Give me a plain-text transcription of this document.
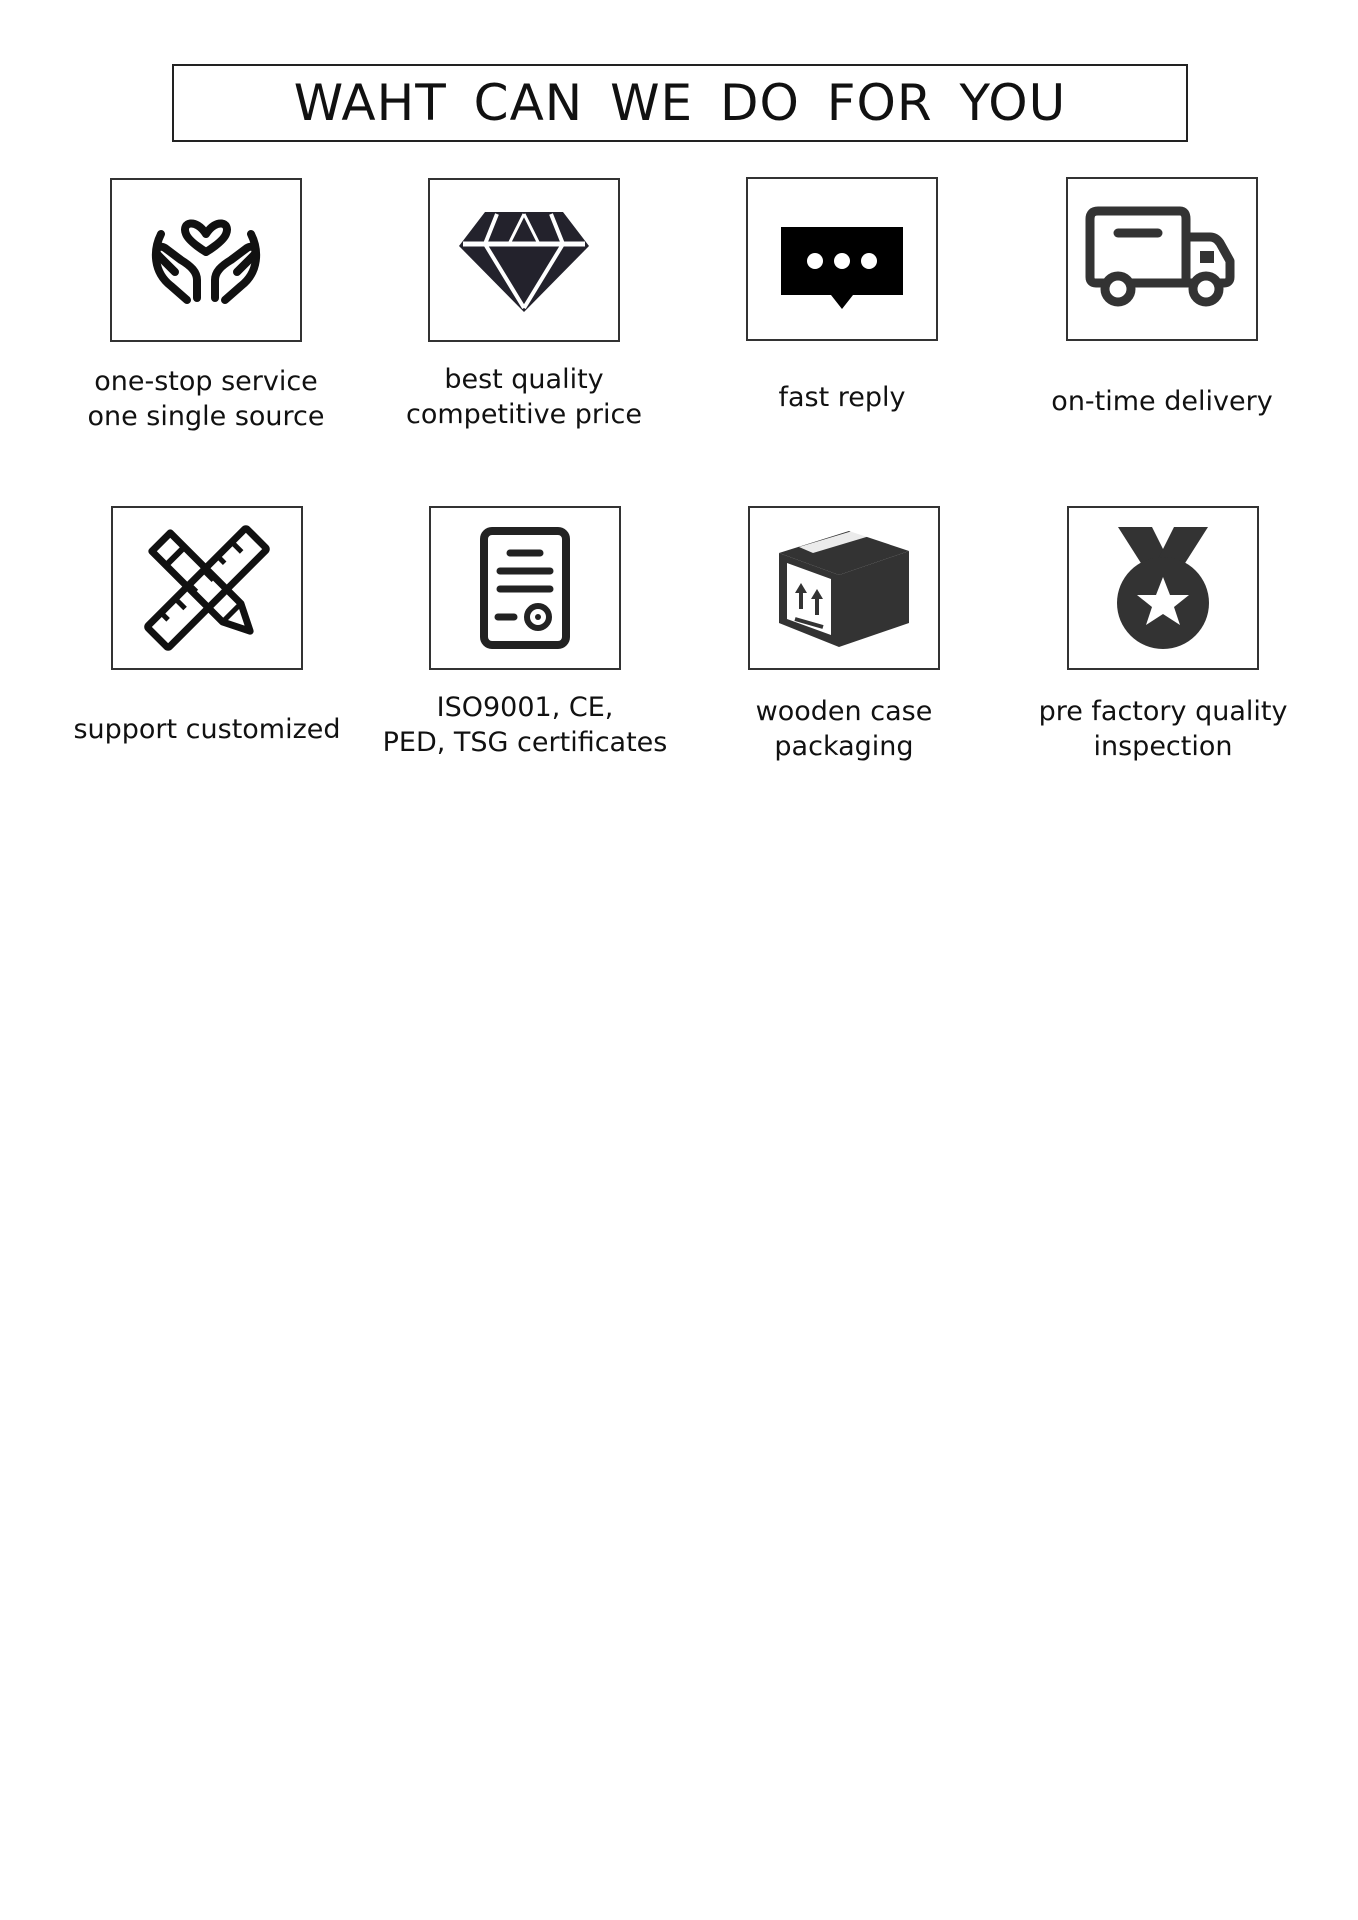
WAHT CAN WE DO FOR YOU
one-stop service
one single source
best quality
competitive price
fast reply	on-time delivery
support customized
ISO9001, CE,
PED, TSG certificates
wooden case
packaging
pre factory quality
inspection
